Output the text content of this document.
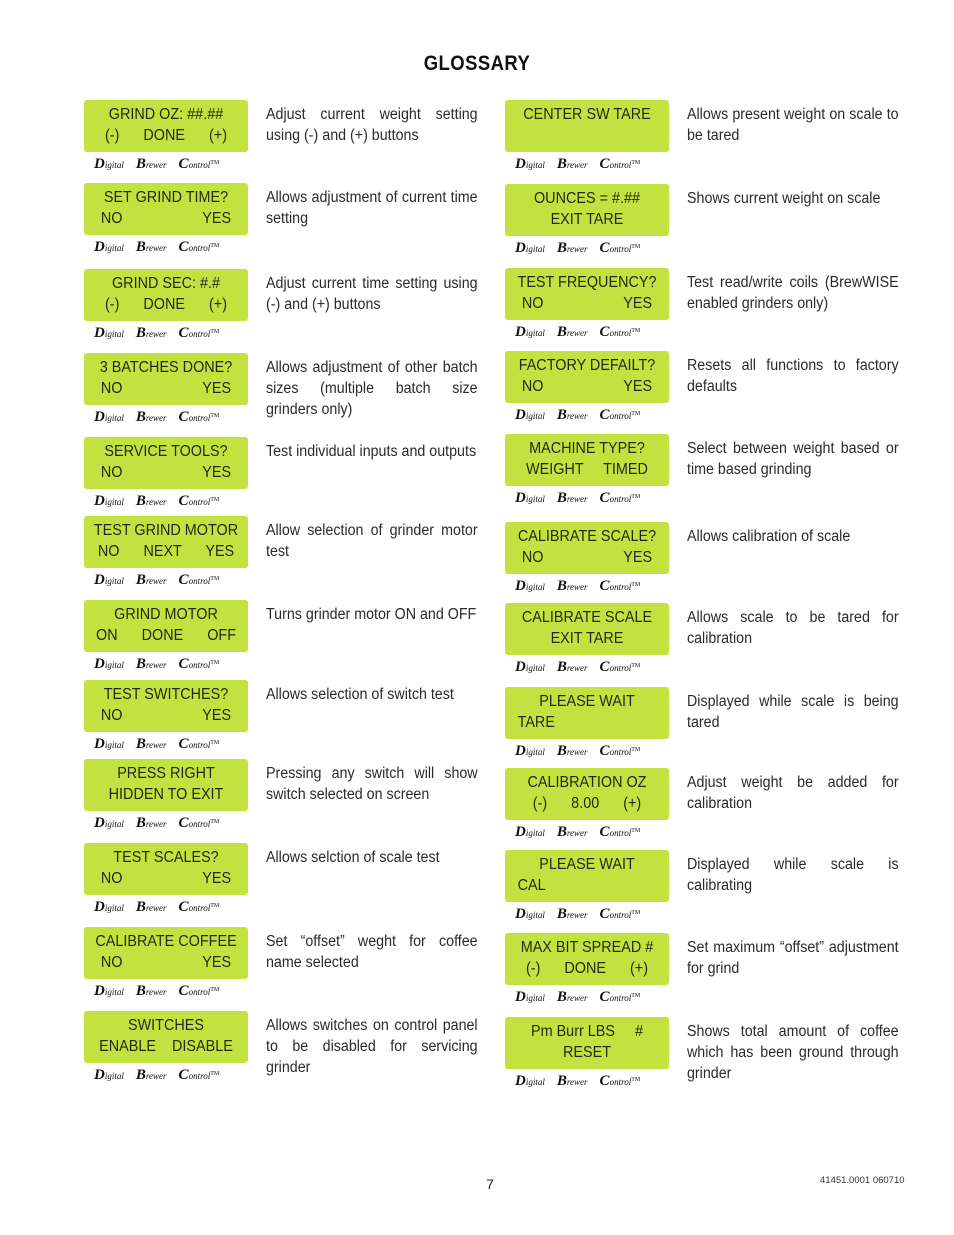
GLOSSARY
GRIND OZ: ##.##
(-)      DONE      (+)
Digital Brewer Control™
Adjust current weight setting using (-) and (+) buttons
SET GRIND TIME?
NO                    YES
Digital Brewer Control™
Allows adjustment of current time setting
GRIND SEC: #.#
(-)      DONE      (+)
Digital Brewer Control™
Adjust current time setting using (-) and (+) buttons
3 BATCHES DONE?
NO                    YES
Digital Brewer Control™
Allows adjustment of other batch sizes (multiple batch size grinders only)
SERVICE TOOLS?
NO                    YES
Digital Brewer Control™
Test individual inputs and outputs
TEST GRIND MOTOR
NO      NEXT      YES
Digital Brewer Control™
Allow selection of grinder motor test
GRIND MOTOR
ON      DONE      OFF
Digital Brewer Control™
Turns grinder motor ON and OFF
TEST SWITCHES?
NO                    YES
Digital Brewer Control™
Allows selection of switch test
PRESS RIGHT
HIDDEN TO EXIT
Digital Brewer Control™
Pressing any switch will show switch selected on screen
TEST SCALES?
NO                    YES
Digital Brewer Control™
Allows selction of scale test
CALIBRATE COFFEE
NO                    YES
Digital Brewer Control™
Set “offset” weght for coffee name selected
SWITCHES
ENABLE    DISABLE
Digital Brewer Control™
Allows switches on control panel to be disabled for servicing grinder
CENTER SW TARE
Digital Brewer Control™
Allows present weight on scale to be tared
OUNCES = #.##
EXIT TARE
Digital Brewer Control™
Shows current weight on scale
TEST FREQUENCY?
NO                    YES
Digital Brewer Control™
Test read/write coils (BrewWISE enabled grinders only)
FACTORY DEFAILT?
NO                    YES
Digital Brewer Control™
Resets all functions to factory defaults
MACHINE TYPE?
WEIGHT     TIMED
Digital Brewer Control™
Select between weight based or time based grinding
CALIBRATE SCALE?
NO                    YES
Digital Brewer Control™
Allows calibration of scale
CALIBRATE SCALE
EXIT TARE
Digital Brewer Control™
Allows scale to be tared for calibration
PLEASE WAIT
TARE
Digital Brewer Control™
Displayed while scale is being tared
CALIBRATION OZ
(-)      8.00      (+)
Digital Brewer Control™
Adjust weight be added for calibration
PLEASE WAIT
CAL
Digital Brewer Control™
Displayed while scale is calibrating
MAX BIT SPREAD #
(-)      DONE      (+)
Digital Brewer Control™
Set maximum “offset” adjustment for grind
Pm Burr LBS     #
RESET
Digital Brewer Control™
Shows total amount of coffee which has been ground through grinder
7	41451.0001 060710
